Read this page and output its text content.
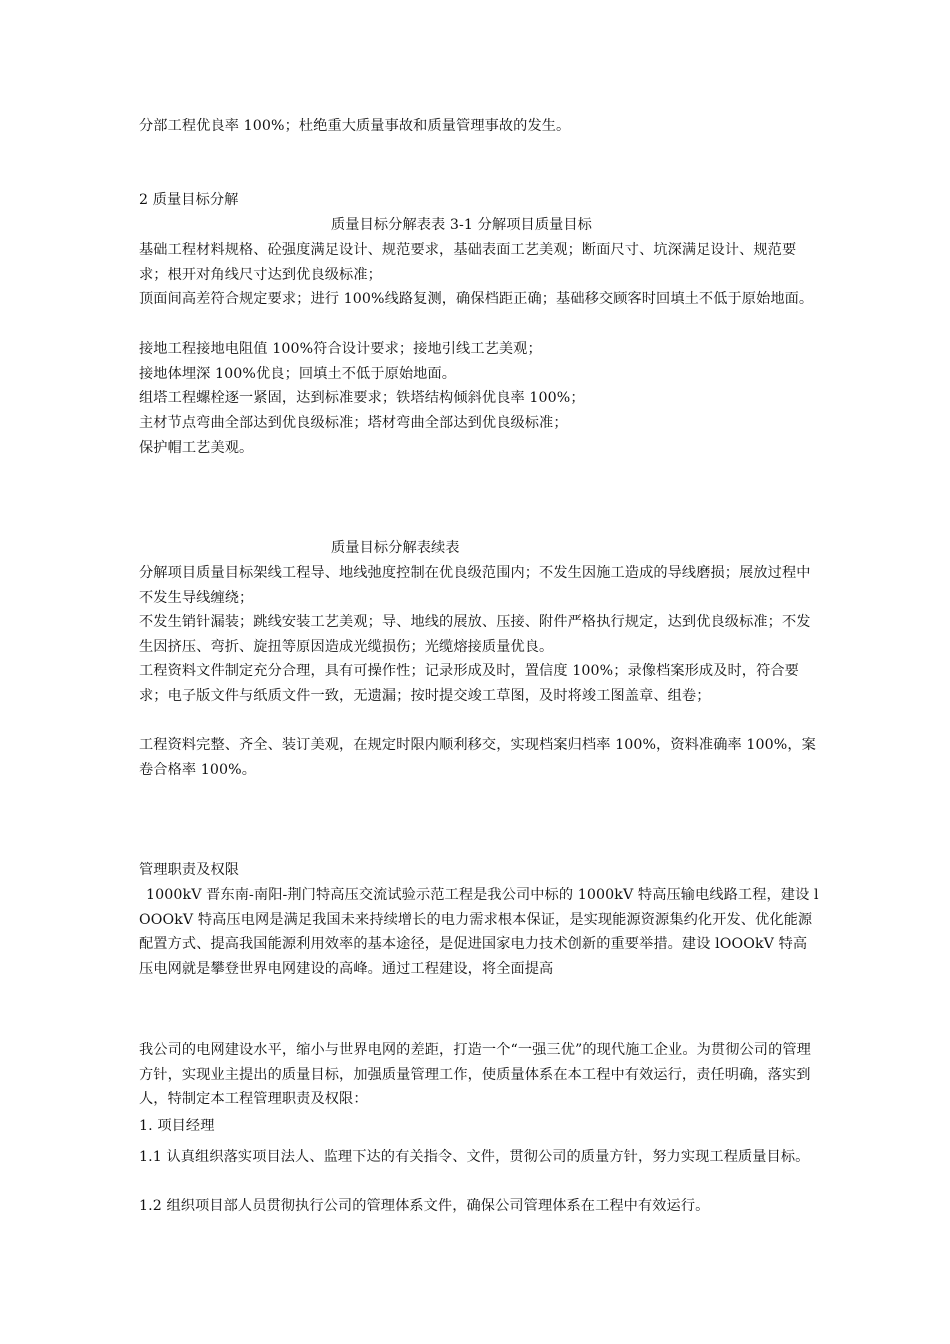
分部工程优良率 100%；杜绝重大质量事故和质量管理事故的发生。

2 质量目标分解

质量目标分解表表 3-1 分解项目质量目标

基础工程材料规格、砼强度满足设计、规范要求，基础表面工艺美观；断面尺寸、坑深满足设计、规范要求；根开对角线尺寸达到优良级标准；

顶面间高差符合规定要求；进行 100%线路复测，确保档距正确；基础移交顾客时回填土不低于原始地面。

接地工程接地电阻值 100%符合设计要求；接地引线工艺美观；

接地体埋深 100%优良；回填土不低于原始地面。

组塔工程螺栓逐一紧固，达到标准要求；铁塔结构倾斜优良率 100%；

主材节点弯曲全部达到优良级标准；塔材弯曲全部达到优良级标准；

保护帽工艺美观。

质量目标分解表续表

分解项目质量目标架线工程导、地线弛度控制在优良级范围内；不发生因施工造成的导线磨损；展放过程中不发生导线缠绕；

不发生销针漏装；跳线安装工艺美观；导、地线的展放、压接、附件严格执行规定，达到优良级标准；不发生因挤压、弯折、旋扭等原因造成光缆损伤；光缆熔接质量优良。

工程资料文件制定充分合理，具有可操作性；记录形成及时，置信度 100%；录像档案形成及时，符合要求；电子版文件与纸质文件一致，无遗漏；按时提交竣工草图，及时将竣工图盖章、组卷；

工程资料完整、齐全、装订美观，在规定时限内顺利移交，实现档案归档率 100%，资料准确率 100%，案卷合格率 100%。

管理职责及权限

1000kV 晋东南-南阳-荆门特高压交流试验示范工程是我公司中标的 1000kV 特高压输电线路工程，建设 lOOOkV 特高压电网是满足我国未来持续增长的电力需求根本保证，是实现能源资源集约化开发、优化能源配置方式、提高我国能源利用效率的基本途径，是促进国家电力技术创新的重要举措。建设 lOOOkV 特高压电网就是攀登世界电网建设的高峰。通过工程建设，将全面提高

我公司的电网建设水平，缩小与世界电网的差距，打造一个“一强三优”的现代施工企业。为贯彻公司的管理方针，实现业主提出的质量目标，加强质量管理工作，使质量体系在本工程中有效运行，责任明确，落实到人，特制定本工程管理职责及权限：

1. 项目经理

1.1 认真组织落实项目法人、监理下达的有关指令、文件，贯彻公司的质量方针，努力实现工程质量目标。

1.2 组织项目部人员贯彻执行公司的管理体系文件，确保公司管理体系在工程中有效运行。
